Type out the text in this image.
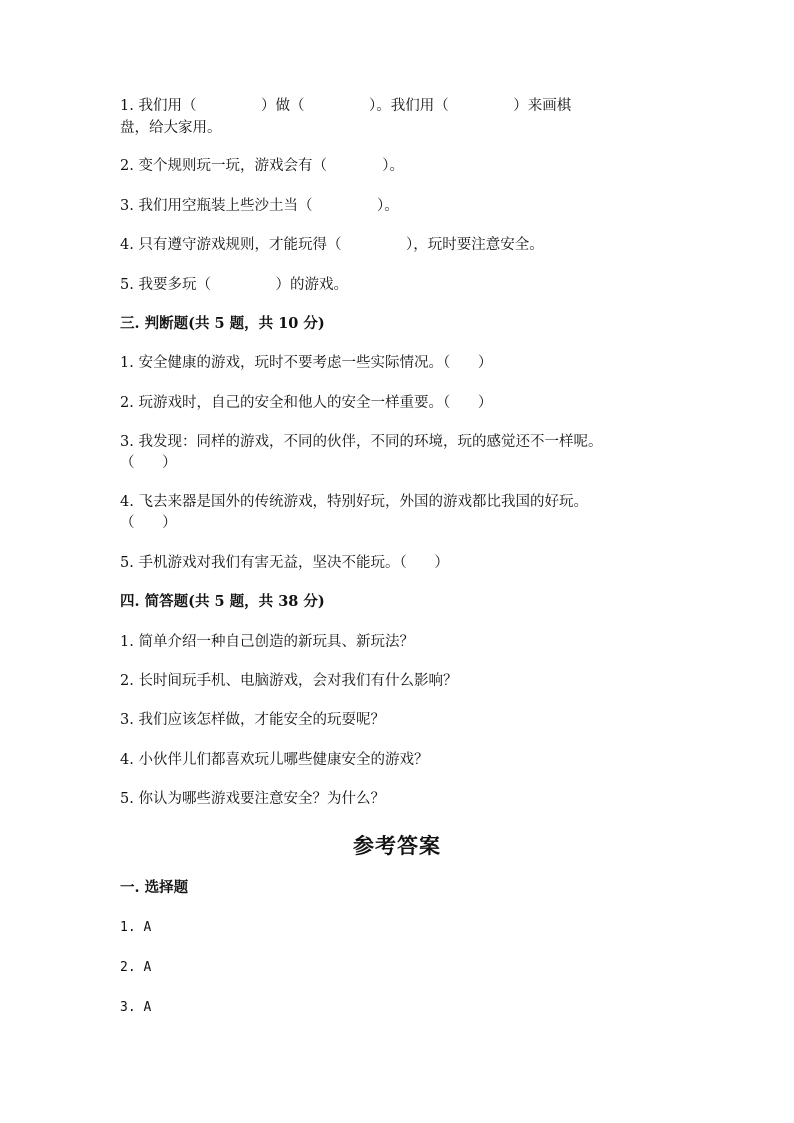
1. 我们用（              ）做（              ）。我们用（              ）来画棋
盘，给大家用。
2. 变个规则玩一玩，游戏会有（            ）。
3. 我们用空瓶装上些沙土当（              ）。
4. 只有遵守游戏规则，才能玩得（              ），玩时要注意安全。
5. 我要多玩（              ）的游戏。
三. 判断题(共 5 题，共 10 分)
1. 安全健康的游戏，玩时不要考虑一些实际情况。（      ）
2. 玩游戏时，自己的安全和他人的安全一样重要。（      ）
3. 我发现：同样的游戏，不同的伙伴，不同的环境，玩的感觉还不一样呢。
（      ）
4. 飞去来器是国外的传统游戏，特别好玩，外国的游戏都比我国的好玩。
（      ）
5. 手机游戏对我们有害无益，坚决不能玩。（      ）
四. 简答题(共 5 题，共 38 分)
1. 简单介绍一种自己创造的新玩具、新玩法？
2. 长时间玩手机、电脑游戏，会对我们有什么影响？
3. 我们应该怎样做，才能安全的玩耍呢？
4. 小伙伴儿们都喜欢玩儿哪些健康安全的游戏？
5. 你认为哪些游戏要注意安全？为什么？
参考答案
一. 选择题
1. A
2. A
3. A
